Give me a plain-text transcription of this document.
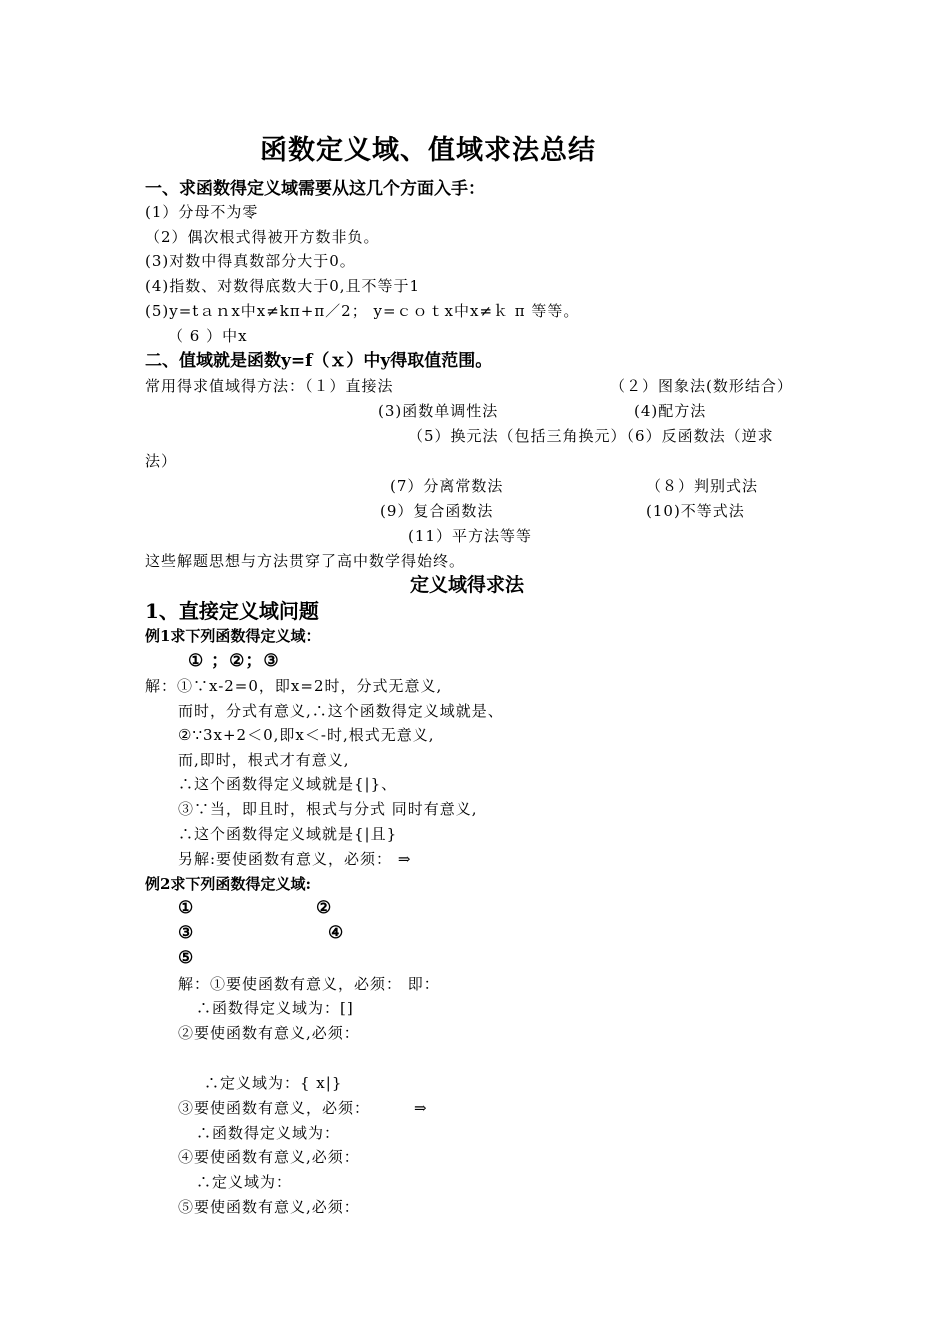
函数定义域、值域求法总结
一、求函数得定义域需要从这几个方面入手：
(1）分母不为零
（2）偶次根式得被开方数非负。
(3)对数中得真数部分大于0。
(4)指数、对数得底数大于0,且不等于1
(5)y=tａｎx中x≠kπ+π／2； y=ｃｏｔx中x≠ｋ π 等等。
（ 6 ）中x
二、值域就是函数y=f（ｘ）中y得取值范围。
常用得求值域得方法：（１）直接法	（２）图象法(数形结合）
(3)函数单调性法	(4)配方法
（5）换元法（包括三角换元）（6）反函数法（逆求
法）
(7）分离常数法	（８）判别式法
(9）复合函数法	(10)不等式法
(11）平方法等等
这些解题思想与方法贯穿了高中数学得始终。
定义域得求法
1、直接定义域问题
例1求下列函数得定义域：
① ；②；③
解：①∵x-2=0，即x=2时，分式无意义,
而时，分式有意义,∴这个函数得定义域就是、
②∵3x+2＜0,即x＜-时,根式无意义,
而,即时，根式才有意义,
∴这个函数得定义域就是{|}、
③∵当，即且时，根式与分式 同时有意义,
∴这个函数得定义域就是{|且}
另解:要使函数有意义，必须： ⇒
例2求下列函数得定义域:
①	②
③	④
⑤
解：①要使函数有意义，必须： 即：
∴函数得定义域为：[]
②要使函数有意义,必须：
∴定义域为：{ x|}
③要使函数有意义，必须：	⇒
∴函数得定义域为：
④要使函数有意义,必须：
∴定义域为：
⑤要使函数有意义,必须：
